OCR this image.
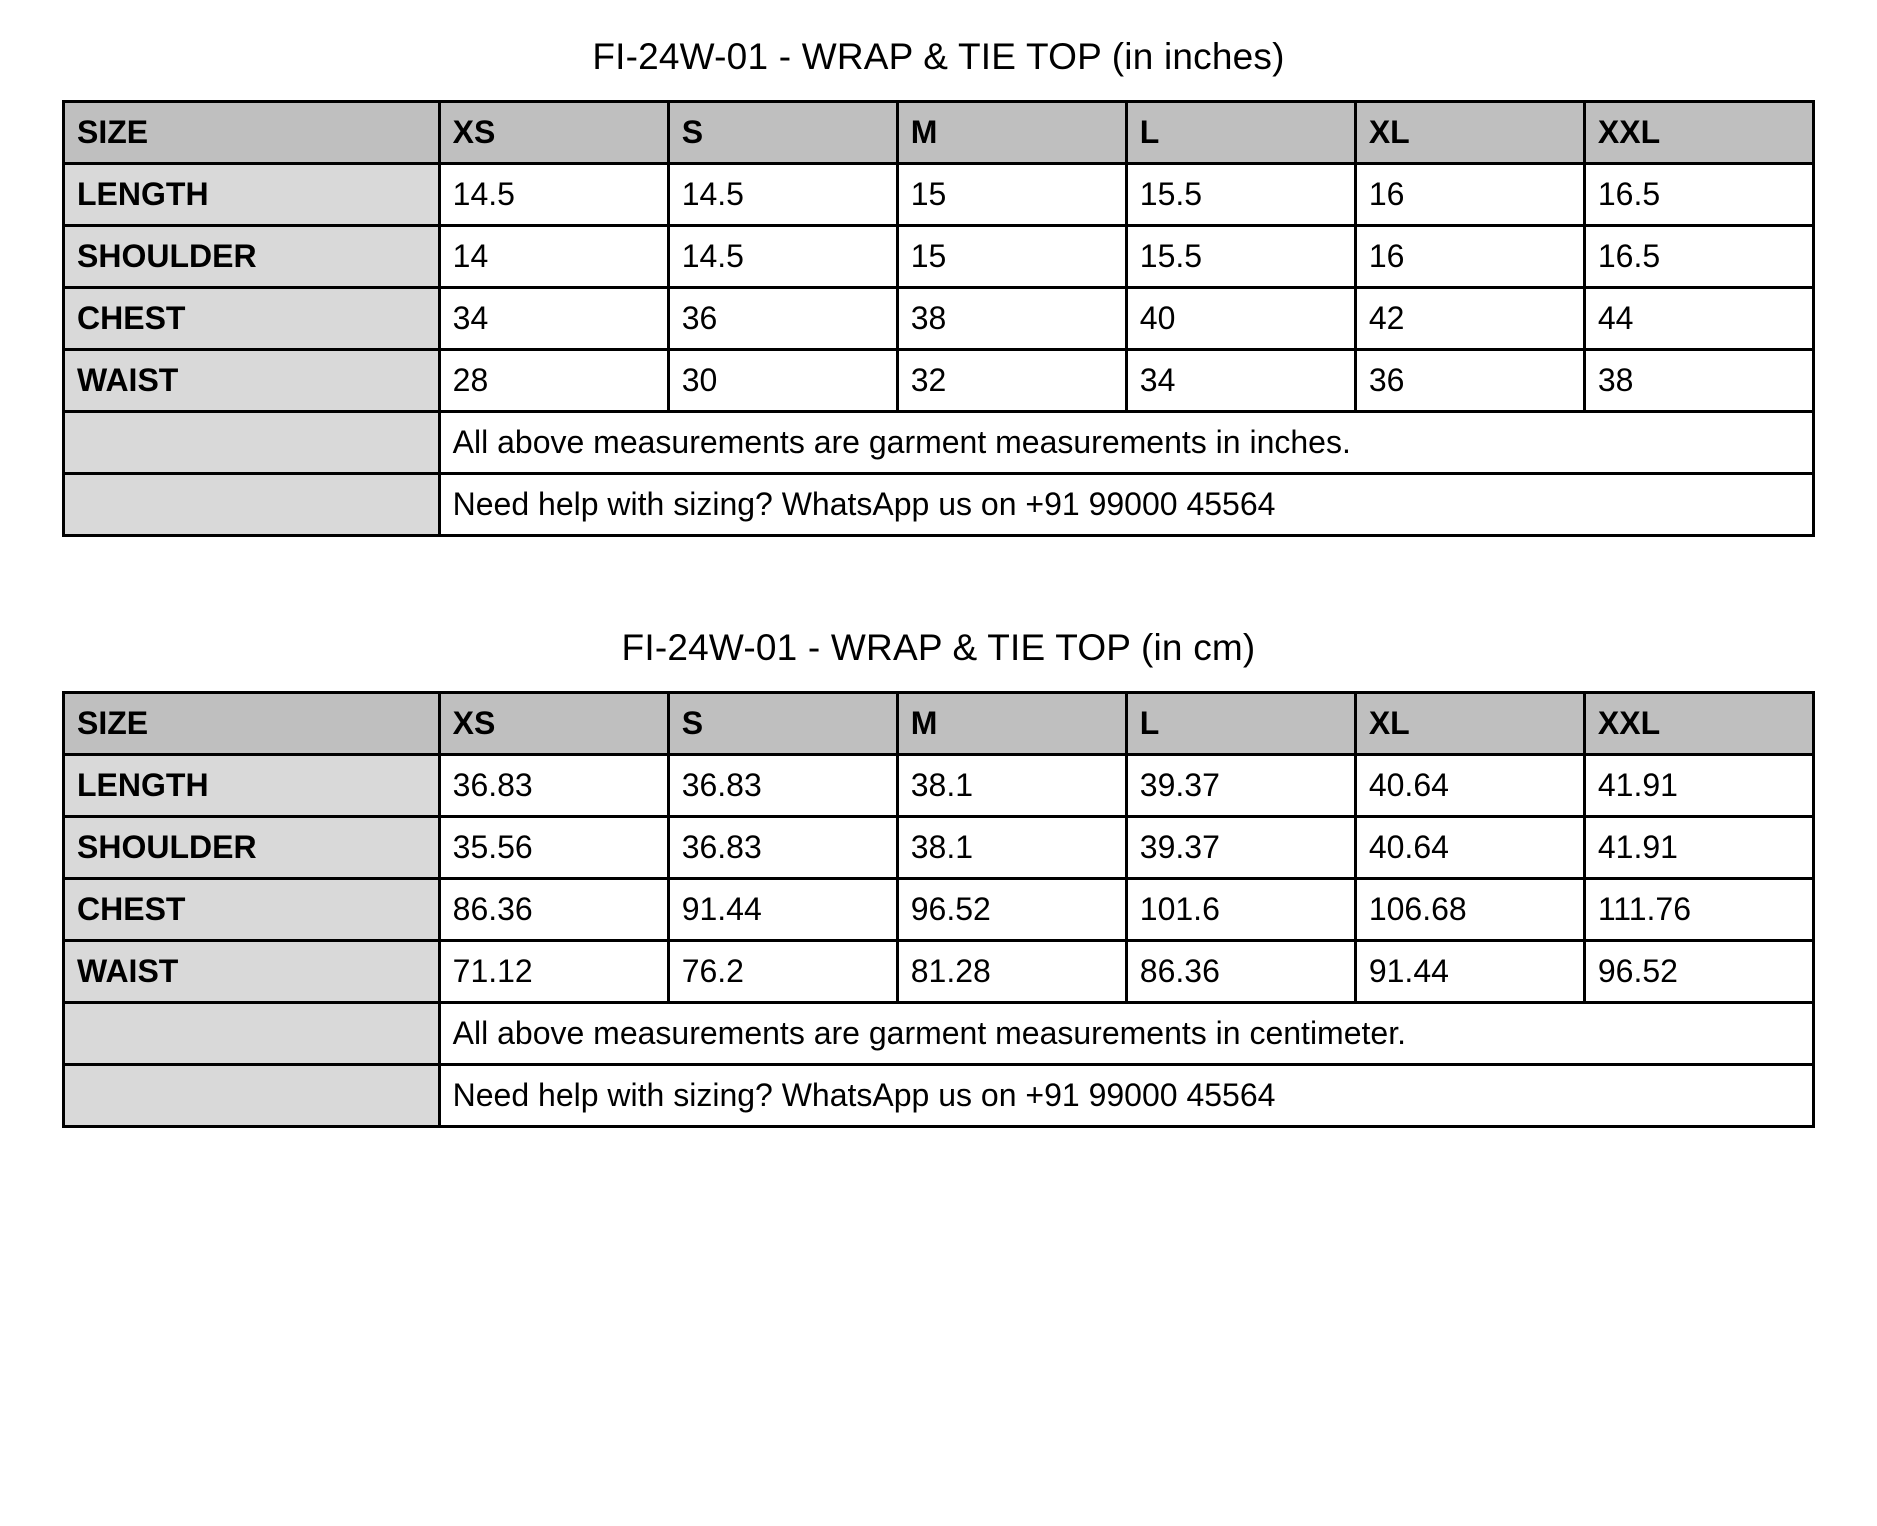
FI-24W-01 - WRAP & TIE TOP (in inches)
SIZE	XS	S	M	L	XL	XXL
LENGTH	14.5	14.5	15	15.5	16	16.5
SHOULDER	14	14.5	15	15.5	16	16.5
CHEST	34	36	38	40	42	44
WAIST	28	30	32	34	36	38
	All above measurements are garment measurements in inches.					
	Need help with sizing? WhatsApp us on +91 99000 45564					
FI-24W-01 - WRAP & TIE TOP (in cm)
SIZE	XS	S	M	L	XL	XXL
LENGTH	36.83	36.83	38.1	39.37	40.64	41.91
SHOULDER	35.56	36.83	38.1	39.37	40.64	41.91
CHEST	86.36	91.44	96.52	101.6	106.68	111.76
WAIST	71.12	76.2	81.28	86.36	91.44	96.52
	All above measurements are garment measurements in centimeter.					
	Need help with sizing? WhatsApp us on +91 99000 45564					
